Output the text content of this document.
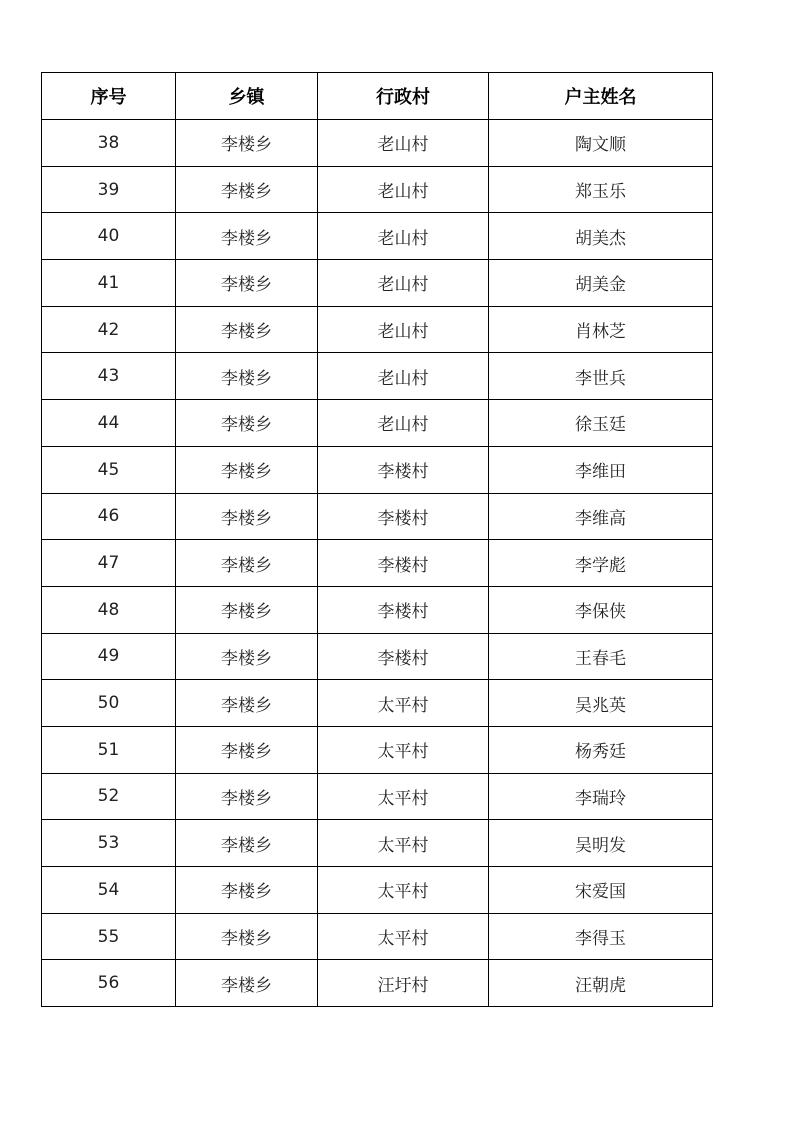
序号	乡镇	行政村	户主姓名
38	李楼乡	老山村	陶文顺
39	李楼乡	老山村	郑玉乐
40	李楼乡	老山村	胡美杰
41	李楼乡	老山村	胡美金
42	李楼乡	老山村	肖林芝
43	李楼乡	老山村	李世兵
44	李楼乡	老山村	徐玉廷
45	李楼乡	李楼村	李维田
46	李楼乡	李楼村	李维高
47	李楼乡	李楼村	李学彪
48	李楼乡	李楼村	李保侠
49	李楼乡	李楼村	王春毛
50	李楼乡	太平村	吴兆英
51	李楼乡	太平村	杨秀廷
52	李楼乡	太平村	李瑞玲
53	李楼乡	太平村	吴明发
54	李楼乡	太平村	宋爱国
55	李楼乡	太平村	李得玉
56	李楼乡	汪圩村	汪朝虎
